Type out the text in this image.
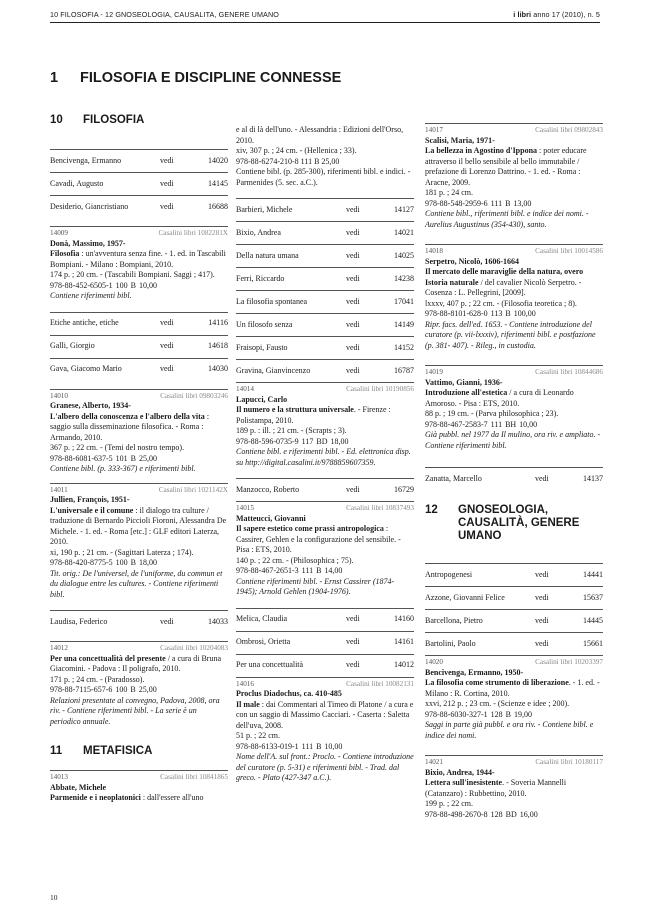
10 FILOSOFIA - 12 GNOSEOLOGIA, CAUSALITA, GENERE UMANO	i libri anno 17 (2010), n. 5
1 FILOSOFIA E DISCIPLINE CONNESSE
10	FILOSOFIA
Bencivenga, Ermanno	vedi	14020
Cavadi, Augusto	vedi	14145
Desiderio, Giancristiano	vedi	16688
14009	Casalini libri 1082281X
Donà, Massimo, 1957-
Filosofia : un'avventura senza fine. - 1. ed. in Tascabili Bompiani. - Milano : Bompiani, 2010.
174 p. ; 20 cm. - (Tascabili Bompiani. Saggi ; 417).
978-88-452-6505-1 100 B 10,00
Contiene riferimenti bibl.
Etiche antiche, etiche	vedi	14116
Galli, Giorgio	vedi	14618
Gava, Giacomo Mario	vedi	14030
14010	Casalini libri 09803246
Granese, Alberto, 1934-
L'albero della conoscenza e l'albero della vita : saggio sulla disseminazione filosofica. - Roma : Armando, 2010.
367 p. ; 22 cm. - (Temi del nostro tempo).
978-88-6081-637-5 101 B 25,00
Contiene bibl. (p. 333-367) e riferimenti bibl.
14011	Casalini libri 1021142X
Jullien, François, 1951-
L'universale e il comune : il dialogo tra culture / traduzione di Bernardo Piccioli Fioroni, Alessandra De Michele. - 1. ed. - Roma [etc.] : GLF editori Laterza, 2010.
xi, 190 p. ; 21 cm. - (Sagittari Laterza ; 174).
978-88-420-8775-5 100 B 18,00
Tit. orig.: De l'universel, de l'uniforme, du commun et du dialogue entre les cultures. - Contiene riferimenti bibl.
Laudisa, Federico	vedi	14033
14012	Casalini libri 10204083
Per una concettualità del presente / a cura di Bruna Giacomini. - Padova : Il poligrafo, 2010.
171 p. ; 24 cm. - (Paradosso).
978-88-7115-657-6 100 B 25,00
Relazioni presentate al convegno, Padova, 2008, ora riv. - Contiene riferimenti bibl. - La serie è un periodico annuale.
11	METAFISICA
14013	Casalini libri 10841865
Abbate, Michele
Parmenide e i neoplatonici : dall'essere all'uno
e al di là dell'uno. - Alessandria : Edizioni dell'Orso, 2010.
xiv, 307 p. ; 24 cm. - (Hellenica ; 33).
978-88-6274-210-8 111 B 25,00
Contiene bibl. (p. 285-300), riferimenti bibl. e indici. - Parmenides (5. sec. a.C.).
Barbieri, Michele	vedi	14127
Bixio, Andrea	vedi	14021
Della natura umana	vedi	14025
Ferri, Riccardo	vedi	14238
La filosofia spontanea	vedi	17041
Un filosofo senza	vedi	14149
Fraisopi, Fausto	vedi	14152
Gravina, Gianvincenzo	vedi	16787
14014	Casalini libri 10190856
Lapucci, Carlo
Il numero e la struttura universale. - Firenze : Polistampa, 2010.
189 p. : ill. ; 21 cm. - (Scrapts ; 3).
978-88-596-0735-9 117 BD 18,00
Contiene bibl. e riferimenti bibl. - Ed. elettronica disp. su http://digital.casalini.it/9788859607359.
Manzocco, Roberto	vedi	16729
14015	Casalini libri 10837493
Matteucci, Giovanni
Il sapere estetico come prassi antropologica : Cassirer, Gehlen e la configurazione del sensibile. - Pisa : ETS, 2010.
140 p. ; 22 cm. - (Philosophica ; 75).
978-88-467-2651-3 111 B 14,00
Contiene riferimenti bibl. - Ernst Cassirer (1874-1945); Arnold Gehlen (1904-1976).
Melica, Claudia	vedi	14160
Ombrosi, Orietta	vedi	14161
Per una concettualità	vedi	14012
14016	Casalini libri 10082131
Proclus Diadochus, ca. 410-485
Il male : dai Commentari al Timeo di Platone / a cura e con un saggio di Massimo Cacciari. - Caserta : Saletta dell'uva, 2008.
51 p. ; 22 cm.
978-88-6133-019-1 111 B 10,00
Nome dell'A. sul front.: Proclo. - Contiene introduzione del curatore (p. 5-31) e riferimenti bibl. - Trad. dal greco. - Plato (427-347 a.C.).
14017	Casalini libri 09802843
Scalisi, Maria, 1971-
La bellezza in Agostino d'Ippona : poter educare attraverso il bello sensibile al bello immutabile / prefazione di Lorenzo Dattrino. - 1. ed. - Roma : Aracne, 2009.
181 p. ; 24 cm.
978-88-548-2959-6 111 B 13,00
Contiene bibl., riferimenti bibl. e indice dei nomi. - Aurelius Augustinus (354-430), santo.
14018	Casalini libri 10014586
Serpetro, Nicolò, 1606-1664
Il mercato delle maraviglie della natura, overo Istoria naturale / del cavalier Nicolò Serpetro. - Cosenza : L. Pellegrini, [2009].
lxxxv, 407 p. ; 22 cm. - (Filosofia teoretica ; 8).
978-88-8101-628-0 113 B 100,00
Ripr. facs. dell'ed. 1653. - Contiene introduzione del curatore (p. vii-lxxxiv), riferimenti bibl. e postfazione (p. 381- 407). - Rileg., in custodia.
14019	Casalini libri 10844686
Vattimo, Gianni, 1936-
Introduzione all'estetica / a cura di Leonardo Amoroso. - Pisa : ETS, 2010.
88 p. ; 19 cm. - (Parva philosophica ; 23).
978-88-467-2583-7 111 BH 10,00
Già pubbl. nel 1977 da Il mulino, ora riv. e ampliato. - Contiene riferimenti bibl.
Zanatta, Marcello	vedi	14137
12	GNOSEOLOGIA, CAUSALITÀ, GENERE UMANO
Antropogenesi	vedi	14441
Azzone, Giovanni Felice	vedi	15637
Barcellona, Pietro	vedi	14445
Bartolini, Paolo	vedi	15661
14020	Casalini libri 10203397
Bencivenga, Ermanno, 1950-
La filosofia come strumento di liberazione. - 1. ed. - Milano : R. Cortina, 2010.
xxvi, 212 p. ; 23 cm. - (Scienze e idee ; 200).
978-88-6030-327-1 128 B 19,00
Saggi in parte già pubbl. e ora riv. - Contiene bibl. e indice dei nomi.
14021	Casalini libri 10180117
Bixio, Andrea, 1944-
Lettera sull'inesistente. - Soveria Mannelli (Catanzaro) : Rubbettino, 2010.
199 p. ; 22 cm.
978-88-498-2670-8 128 BD 16,00
10
